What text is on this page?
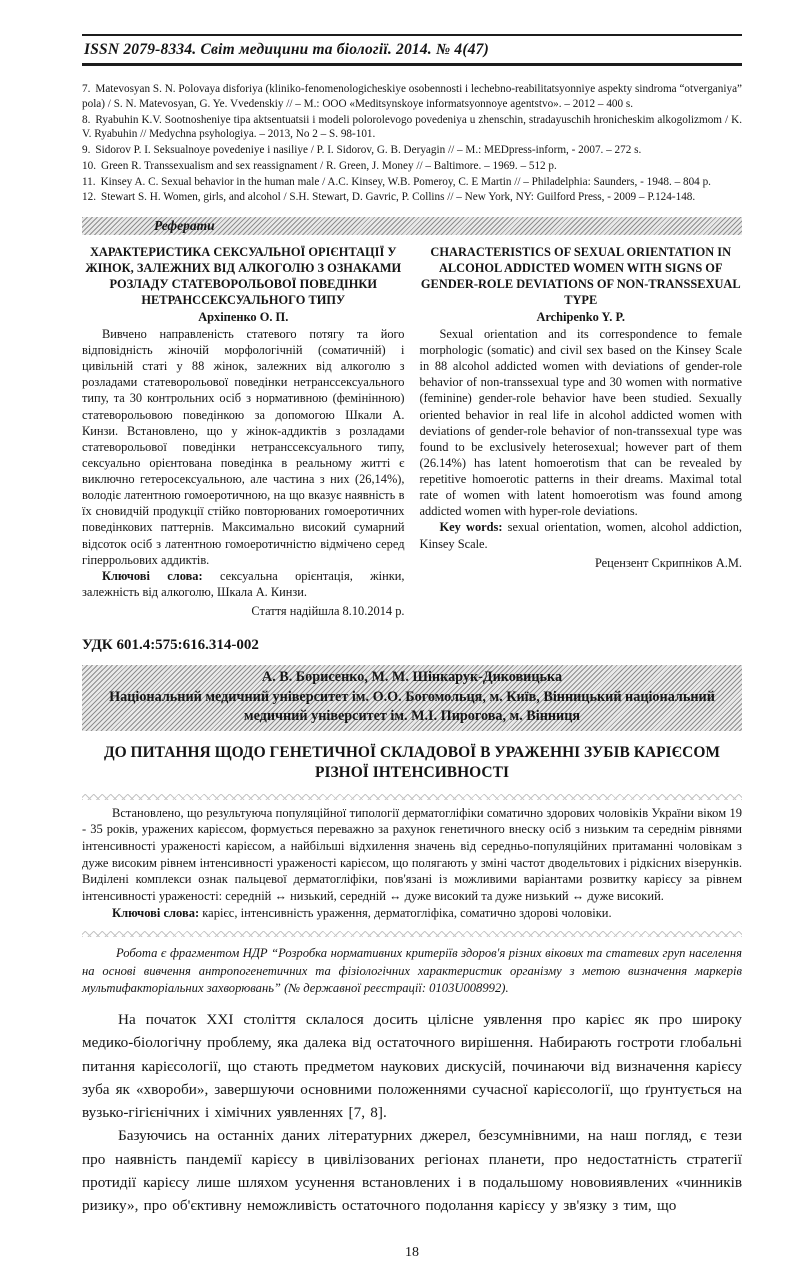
ISSN 2079-8334. Світ медицини та біології. 2014. № 4(47)
7. Matevosyan S. N. Polovaya disforiya (kliniko-fenomenologicheskiye osobennosti i lechebno-reabilitatsyonniye aspekty sindroma “otverganiya” pola) / S. N. Matevosyan, G. Ye. Vvedenskiy // – M.: OOO «Meditsynskoye informatsyonnoye agentstvo». – 2012 – 400 s.
8. Ryabuhin K.V. Sootnosheniye tipa aktsentuatsii i modeli polorolevogo povedeniya u zhenschin, stradayuschih hronicheskim alkogolizmom / K. V. Ryabuhin // Medychna psyhologiya. – 2013, No 2 – S. 98-101.
9. Sidorov P. I. Seksualnoye povedeniye i nasiliye / P. I. Sidorov, G. B. Deryagin // – M.: MEDpress-inform, - 2007. – 272 s.
10. Green R. Transsexualism and sex reassignament / R. Green, J. Money // – Baltimore. – 1969. – 512 p.
11. Kinsey A. C. Sexual behavior in the human male / A.C. Kinsey, W.B. Pomeroy, C. E Martin // – Philadelphia: Saunders, - 1948. – 804 p.
12. Stewart S. H. Women, girls, and alcohol / S.H. Stewart, D. Gavric, P. Collins // – New York, NY: Guilford Press, - 2009 – P.124-148.
Реферати
ХАРАКТЕРИСТИКА СЕКСУАЛЬНОЇ ОРІЄНТАЦІЇ У ЖІНОК, ЗАЛЕЖНИХ ВІД АЛКОГОЛЮ З ОЗНАКАМИ РОЗЛАДУ СТАТЕВОРОЛЬОВОЇ ПОВЕДІНКИ НЕТРАНССЕКСУАЛЬНОГО ТИПУ
Архіпенко О. П.
Вивчено направленість статевого потягу та його відповідність жіночій морфологічній (соматичній) і цивільній статі у 88 жінок, залежних від алкоголю з розладами статеворольової поведінки нетранссексуального типу, та 30 контрольних осіб з нормативною (фемінінною) статеворольовою поведінкою за допомогою Шкали А. Кинзи. Встановлено, що у жінок-аддиктів з розладами статеворольової поведінки нетранссексуального типу, сексуально орієнтована поведінка в реальному житті є виключно гетеросексуальною, але частина з них (26,14%), володіє латентною гомоеротичною, на що вказує наявність в їх сновидчій продукції стійко повторюваних гомоеротичних поведінкових паттернів. Максимально високий сумарний відсоток осіб з латентною гомоеротичністю відмічено серед гіперрольових аддиктів.
Ключові слова: сексуальна орієнтація, жінки, залежність від алкоголю, Шкала А. Кинзи.
Стаття надійшла 8.10.2014 р.
CHARACTERISTICS OF SEXUAL ORIENTATION IN ALCOHOL ADDICTED WOMEN WITH SIGNS OF GENDER-ROLE DEVIATIONS OF NON-TRANSSEXUAL TYPE
Archipenko Y. P.
Sexual orientation and its correspondence to female morphologic (somatic) and civil sex based on the Kinsey Scale in 88 alcohol addicted women with deviations of gender-role behavior of non-transsexual type and 30 women with normative (feminine) gender-role behavior have been studied. Sexually oriented behavior in real life in alcohol addicted women with deviations of gender-role behavior of non-transsexual type was found to be exclusively heterosexual; however part of them (26.14%) has latent homoerotism that can be revealed by repetitive homoerotic patterns in their dreams. Maximal total rate of women with latent homoerotism was found among addicted women with hyper-role deviations.
Key words: sexual orientation, women, alcohol addiction, Kinsey Scale.
Рецензент Скрипніков А.М.
УДК 601.4:575:616.314-002
А. В. Борисенко, М. М. Шінкарук-Диковицька
Національний медичний університет ім. О.О. Богомольця, м. Київ, Вінницький національний медичний університет ім. М.І. Пирогова, м. Вінниця
ДО ПИТАННЯ ЩОДО ГЕНЕТИЧНОЇ СКЛАДОВОЇ В УРАЖЕННІ ЗУБІВ КАРІЄСОМ РІЗНОЇ ІНТЕНСИВНОСТІ

Встановлено, що результуюча популяційної типології дерматогліфіки соматично здорових чоловіків України віком 19 - 35 років, уражених карієсом, формується переважно за рахунок генетичного внеску осіб з низьким та середнім рівнями інтенсивності ураженості карієсом, а найбільші відхилення значень від середньо-популяційних притаманні чоловікам з дуже високим рівнем інтенсивності ураженості карієсом, що полягають у зміні частот дводельтових і рідкісних візерунків. Виділені комплекси ознак пальцевої дерматогліфіки, пов'язані із можливими варіантами розвитку карієсу за рівнем інтенсивності ураженості: середній ↔ низький, середній ↔ дуже високий та дуже низький ↔ дуже високий.

Ключові слова: карієс, інтенсивність ураження, дерматогліфіка, соматично здорові чоловіки.

Робота є фрагментом НДР “Розробка нормативних критеріїв здоров'я різних вікових та статевих груп населення на основі вивчення антропогенетичних та фізіологічних характеристик організму з метою визначення маркерів мультифакторіальних захворювань” (№ державної реєстрації: 0103U008992).

На початок XXI століття склалося досить цілісне уявлення про карієс як про широку медико-біологічну проблему, яка далека від остаточного вирішення. Набирають гостроти глобальні питання карієсології, що стають предметом наукових дискусій, починаючи від визначення карієсу зуба як «хвороби», завершуючи основними положеннями сучасної карієсології, що ґрунтується на вузько-гігієнічних і хімічних уявленнях [7, 8].

Базуючись на останніх даних літературних джерел, безсумнівними, на наш погляд, є тези про наявність пандемії карієсу в цивілізованих регіонах планети, про недостатність стратегії протидії карієсу лише шляхом усунення встановлених і в подальшому нововиявлених «чинників ризику», про об'єктивну неможливість остаточного подолання карієсу у зв'язку з тим, що

18
